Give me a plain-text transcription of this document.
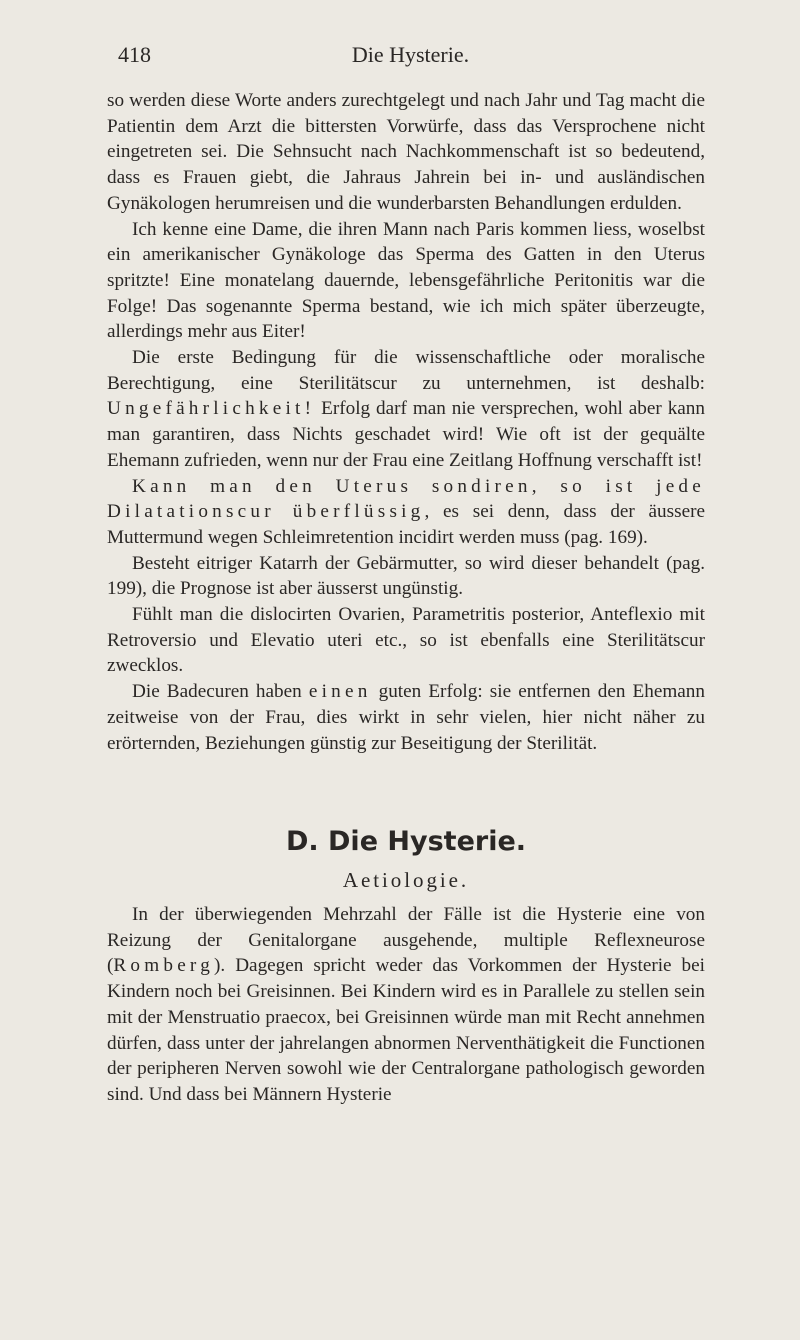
418	Die Hysterie.

so werden diese Worte anders zurechtgelegt und nach Jahr und Tag macht die Patientin dem Arzt die bittersten Vorwürfe, dass das Versprochene nicht eingetreten sei. Die Sehnsucht nach Nachkommenschaft ist so bedeutend, dass es Frauen giebt, die Jahraus Jahrein bei in- und ausländischen Gynäkologen herumreisen und die wunderbarsten Behandlungen erdulden.

Ich kenne eine Dame, die ihren Mann nach Paris kommen liess, woselbst ein amerikanischer Gynäkologe das Sperma des Gatten in den Uterus spritzte! Eine monatelang dauernde, lebensgefährliche Peritonitis war die Folge! Das sogenannte Sperma bestand, wie ich mich später überzeugte, allerdings mehr aus Eiter!

Die erste Bedingung für die wissenschaftliche oder moralische Berechtigung, eine Sterilitätscur zu unternehmen, ist deshalb: Ungefährlichkeit! Erfolg darf man nie versprechen, wohl aber kann man garantiren, dass Nichts geschadet wird! Wie oft ist der gequälte Ehemann zufrieden, wenn nur der Frau eine Zeitlang Hoffnung verschafft ist!

Kann man den Uterus sondiren, so ist jede Dilatationscur überflüssig, es sei denn, dass der äussere Muttermund wegen Schleimretention incidirt werden muss (pag. 169).

Besteht eitriger Katarrh der Gebärmutter, so wird dieser behandelt (pag. 199), die Prognose ist aber äusserst ungünstig.

Fühlt man die dislocirten Ovarien, Parametritis posterior, Anteflexio mit Retroversio und Elevatio uteri etc., so ist ebenfalls eine Sterilitätscur zwecklos.

Die Badecuren haben einen guten Erfolg: sie entfernen den Ehemann zeitweise von der Frau, dies wirkt in sehr vielen, hier nicht näher zu erörternden, Beziehungen günstig zur Beseitigung der Sterilität.

D. Die Hysterie.
Aetiologie.

In der überwiegenden Mehrzahl der Fälle ist die Hysterie eine von Reizung der Genitalorgane ausgehende, multiple Reflexneurose (Romberg). Dagegen spricht weder das Vorkommen der Hysterie bei Kindern noch bei Greisinnen. Bei Kindern wird es in Parallele zu stellen sein mit der Menstruatio praecox, bei Greisinnen würde man mit Recht annehmen dürfen, dass unter der jahrelangen abnormen Nerventhätigkeit die Functionen der peripheren Nerven sowohl wie der Centralorgane pathologisch geworden sind. Und dass bei Männern Hysterie
